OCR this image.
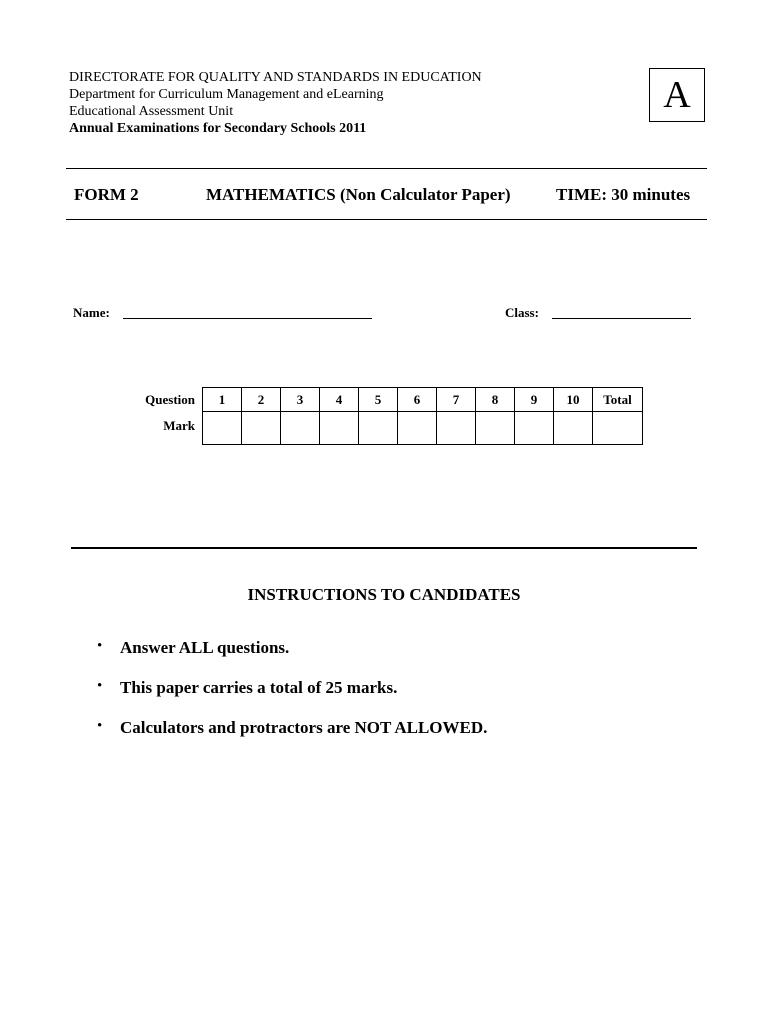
DIRECTORATE FOR QUALITY AND STANDARDS IN EDUCATION
Department for Curriculum Management and eLearning
Educational Assessment Unit
Annual Examinations for Secondary Schools 2011
A
FORM 2	MATHEMATICS (Non Calculator Paper)	TIME: 30 minutes
Name:	Class:
Question	1	2	3	4	5	6	7	8	9	10	Total
Mark											
INSTRUCTIONS TO CANDIDATES
• Answer ALL questions.
• This paper carries a total of 25 marks.
• Calculators and protractors are NOT ALLOWED.
